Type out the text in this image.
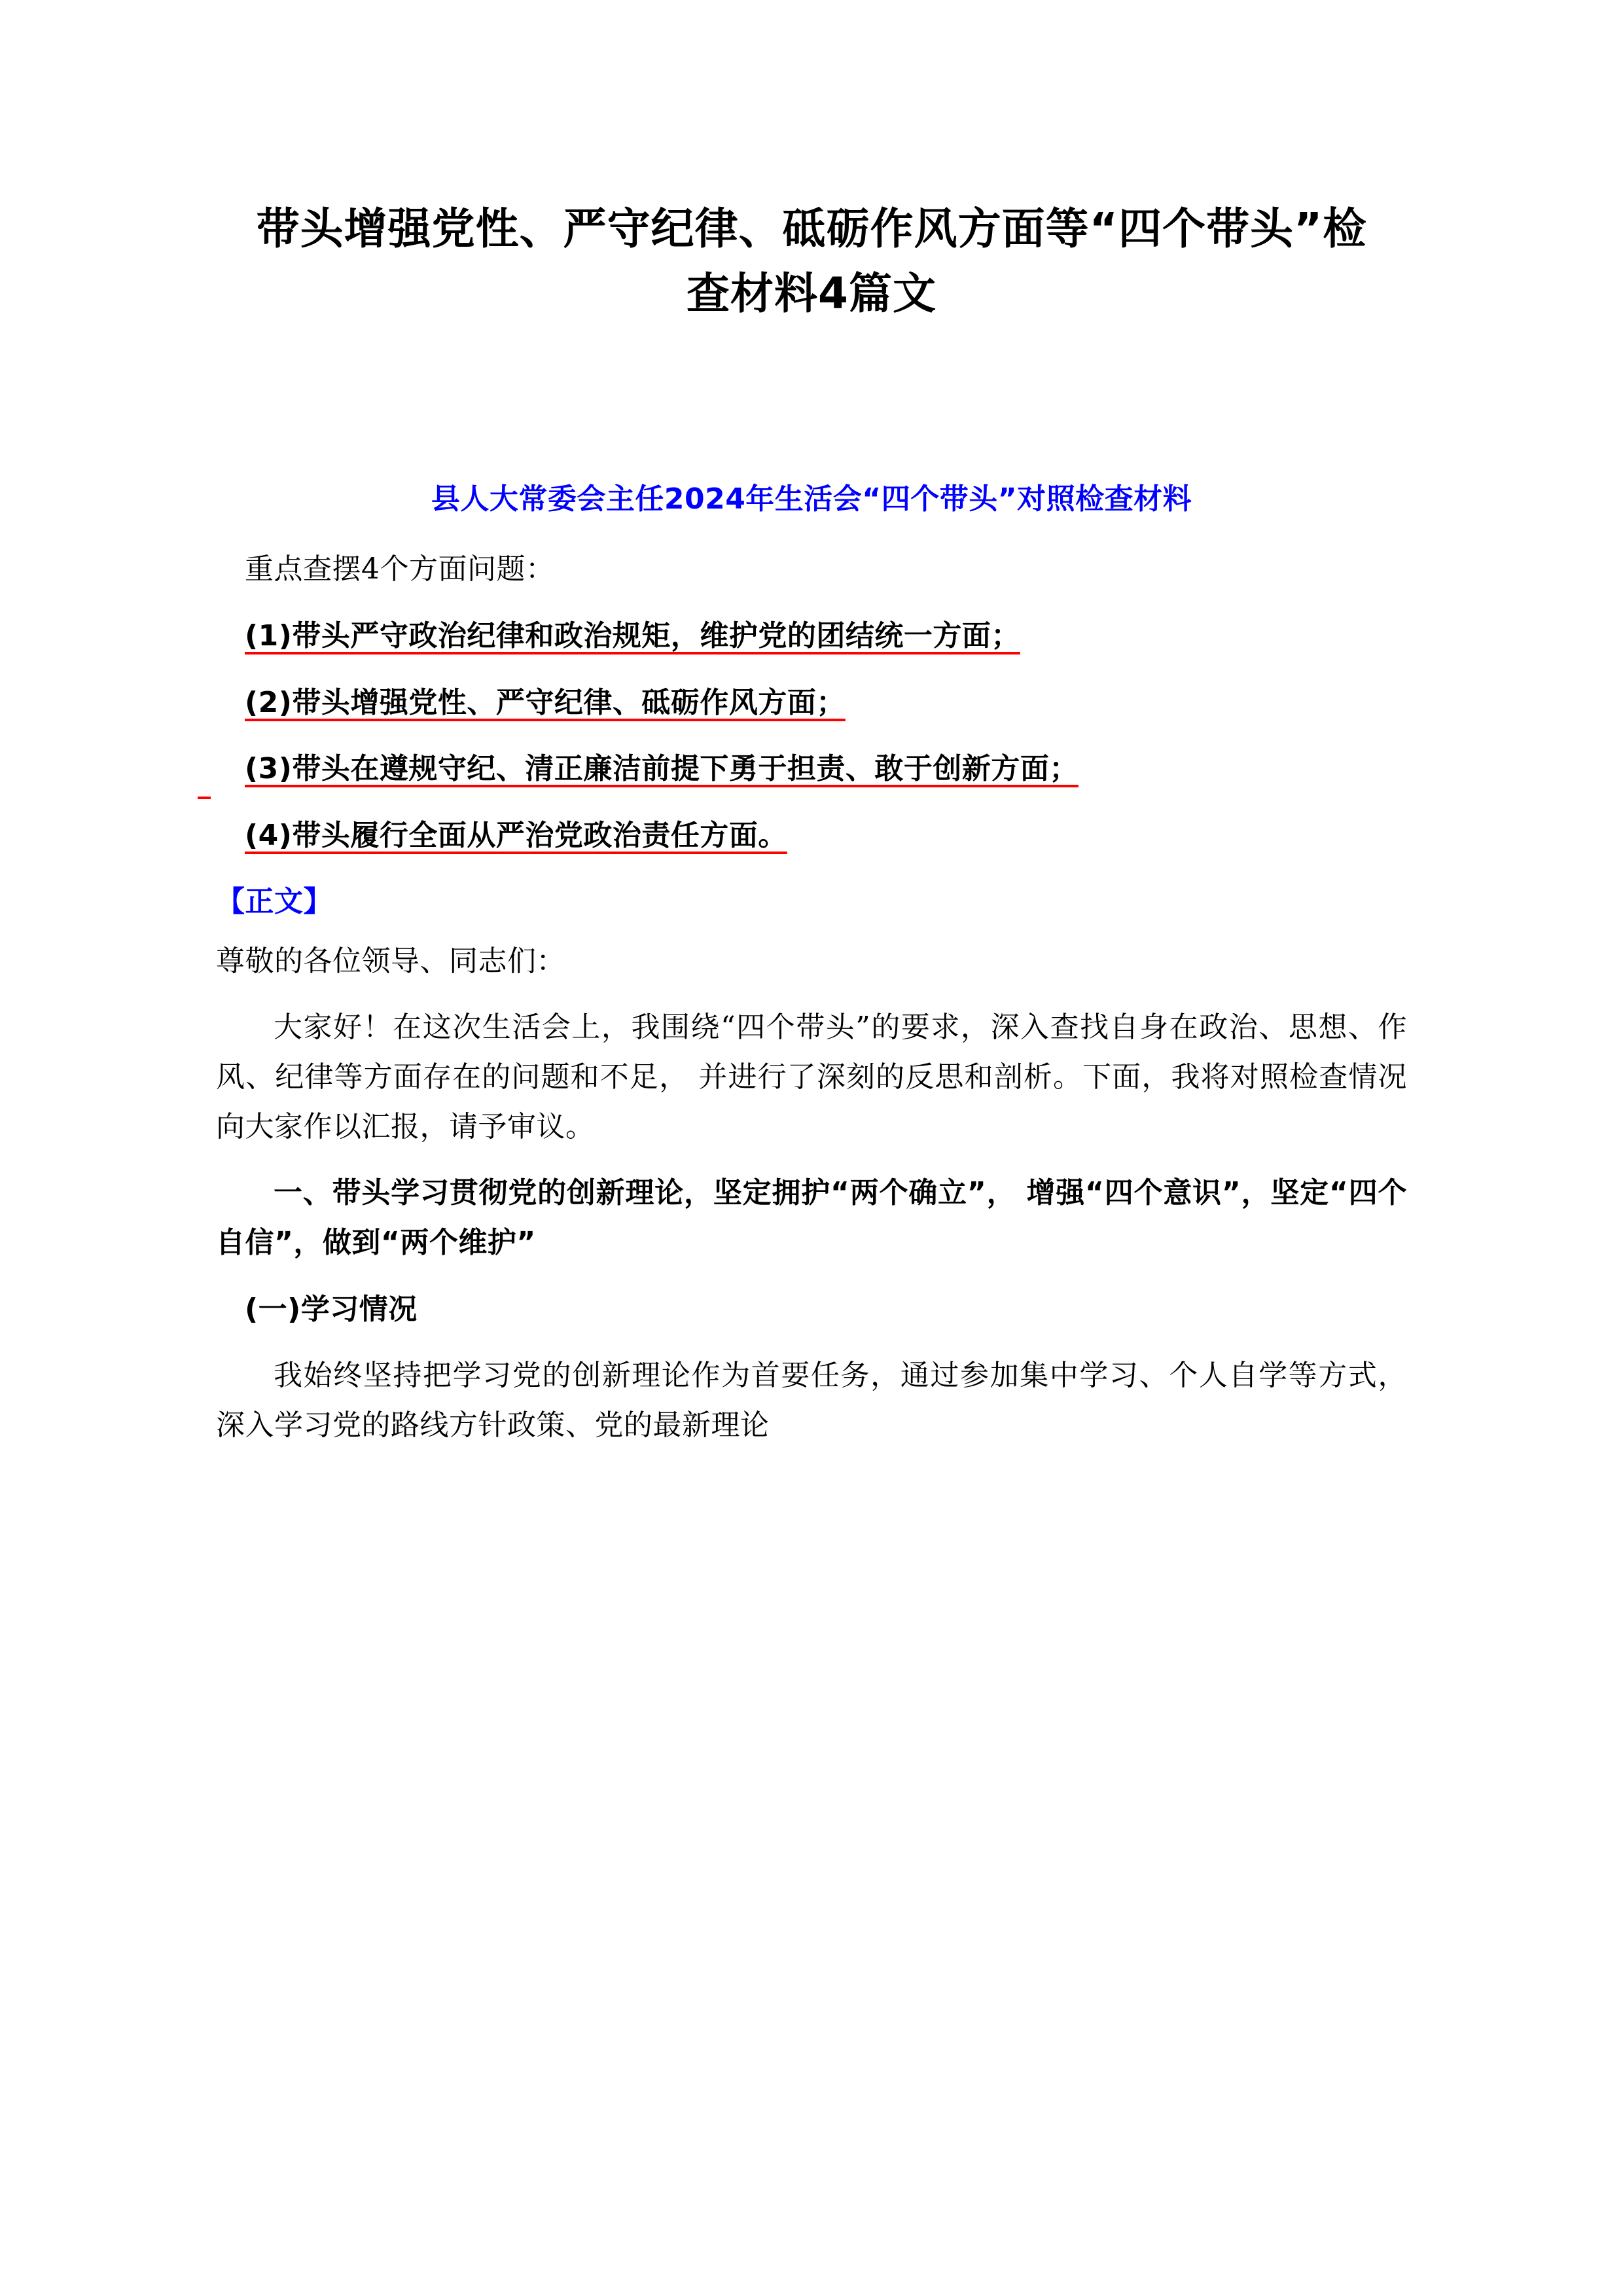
带头增强党性、严守纪律、砥砺作风方面等“四个带头”检查材料4篇文
县人大常委会主任2024年生活会“四个带头”对照检查材料

重点查摆4个方面问题：

(1)带头严守政治纪律和政治规矩，维护党的团结统一方面；

(2)带头增强党性、严守纪律、砥砺作风方面；

(3)带头在遵规守纪、清正廉洁前提下勇于担责、敢于创新方面；

(4)带头履行全面从严治党政治责任方面。

【正文】

尊敬的各位领导、同志们：

大家好！在这次生活会上，我围绕“四个带头”的要求，深入查找自身在政治、思想、作风、纪律等方面存在的问题和不足， 并进行了深刻的反思和剖析。下面，我将对照检查情况向大家作以汇报，请予审议。

一、带头学习贯彻党的创新理论，坚定拥护“两个确立”， 增强“四个意识”，坚定“四个自信”，做到“两个维护”

(一)学习情况

我始终坚持把学习党的创新理论作为首要任务，通过参加集中学习、个人自学等方式，深入学习党的路线方针政策、党的最新理论
